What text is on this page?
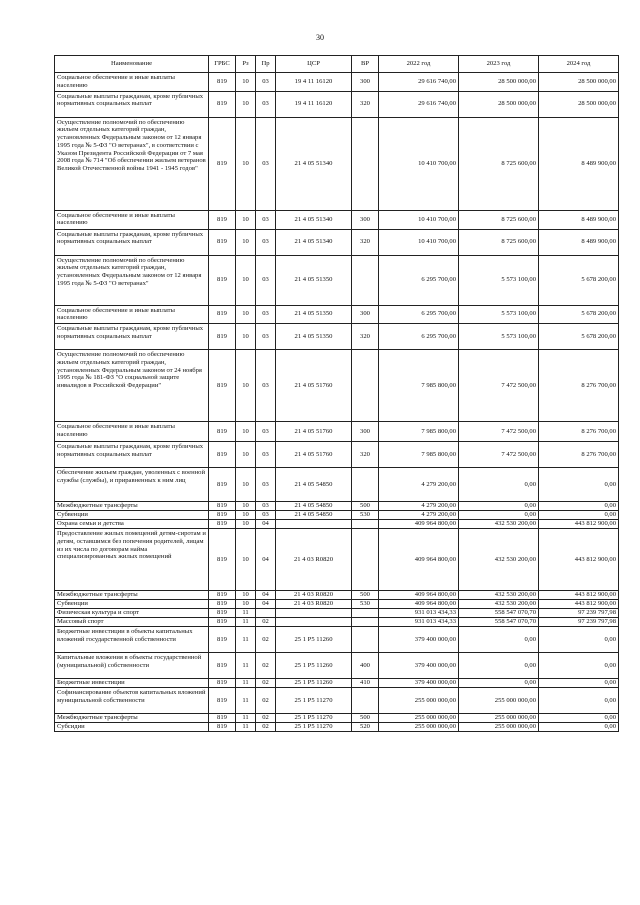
30
Наименование	ГРБС	Рз	Пр	ЦСР	ВР	2022 год	2023 год	2024 год
Социальное обеспечение и иные выплаты населению	819	10	03	19 4 11 16120	300	29 616 740,00	28 500 000,00	28 500 000,00
Социальные выплаты гражданам, кроме публичных нормативных социальных выплат	819	10	03	19 4 11 16120	320	29 616 740,00	28 500 000,00	28 500 000,00
Осуществление полномочий по обеспечению жильем отдельных категорий граждан, установленных Федеральным законом от 12 января 1995 года № 5-ФЗ "О ветеранах", в соответствии с Указом Президента Российской Федерации от 7 мая 2008 года № 714 "Об обеспечении жильем ветеранов Великой Отечественной войны 1941 - 1945 годов"	819	10	03	21 4 05 51340		10 410 700,00	8 725 600,00	8 489 900,00
Социальное обеспечение и иные выплаты населению	819	10	03	21 4 05 51340	300	10 410 700,00	8 725 600,00	8 489 900,00
Социальные выплаты гражданам, кроме публичных нормативных социальных выплат	819	10	03	21 4 05 51340	320	10 410 700,00	8 725 600,00	8 489 900,00
Осуществление полномочий по обеспечению жильем отдельных категорий граждан, установленных Федеральным законом от 12 января 1995 года № 5-ФЗ "О ветеранах"	819	10	03	21 4 05 51350		6 295 700,00	5 573 100,00	5 678 200,00
Социальное обеспечение и иные выплаты населению	819	10	03	21 4 05 51350	300	6 295 700,00	5 573 100,00	5 678 200,00
Социальные выплаты гражданам, кроме публичных нормативных социальных выплат	819	10	03	21 4 05 51350	320	6 295 700,00	5 573 100,00	5 678 200,00
Осуществление полномочий по обеспечению жильем отдельных категорий граждан, установленных Федеральным законом от 24 ноября 1995 года № 181-ФЗ "О социальной защите инвалидов в Российской Федерации"	819	10	03	21 4 05 51760		7 985 800,00	7 472 500,00	8 276 700,00
Социальное обеспечение и иные выплаты населению	819	10	03	21 4 05 51760	300	7 985 800,00	7 472 500,00	8 276 700,00
Социальные выплаты гражданам, кроме публичных нормативных социальных выплат	819	10	03	21 4 05 51760	320	7 985 800,00	7 472 500,00	8 276 700,00
Обеспечение жильем граждан, уволенных с военной службы (службы), и приравненных к ним лиц	819	10	03	21 4 05 54850		4 279 200,00	0,00	0,00
Межбюджетные трансферты	819	10	03	21 4 05 54850	500	4 279 200,00	0,00	0,00
Субвенции	819	10	03	21 4 05 54850	530	4 279 200,00	0,00	0,00
Охрана семьи и детства	819	10	04			409 964 800,00	432 530 200,00	443 812 900,00
Предоставление жилых помещений детям-сиротам и детям, оставшимся без попечения родителей, лицам из их числа по договорам найма специализированных жилых помещений	819	10	04	21 4 03 R0820		409 964 800,00	432 530 200,00	443 812 900,00
Межбюджетные трансферты	819	10	04	21 4 03 R0820	500	409 964 800,00	432 530 200,00	443 812 900,00
Субвенции	819	10	04	21 4 03 R0820	530	409 964 800,00	432 530 200,00	443 812 900,00
Физическая культура и спорт	819	11				931 013 434,33	558 547 070,70	97 239 797,98
Массовый спорт	819	11	02			931 013 434,33	558 547 070,70	97 239 797,98
Бюджетные инвестиции в объекты капитальных вложений государственной собственности	819	11	02	25 1 Р5 11260		379 400 000,00	0,00	0,00
Капитальные вложения в объекты государственной (муниципальной) собственности	819	11	02	25 1 Р5 11260	400	379 400 000,00	0,00	0,00
Бюджетные инвестиции	819	11	02	25 1 Р5 11260	410	379 400 000,00	0,00	0,00
Софинансирование объектов капитальных вложений муниципальной собственности	819	11	02	25 1 Р5 11270		255 000 000,00	255 000 000,00	0,00
Межбюджетные трансферты	819	11	02	25 1 Р5 11270	500	255 000 000,00	255 000 000,00	0,00
Субсидии	819	11	02	25 1 Р5 11270	520	255 000 000,00	255 000 000,00	0,00
